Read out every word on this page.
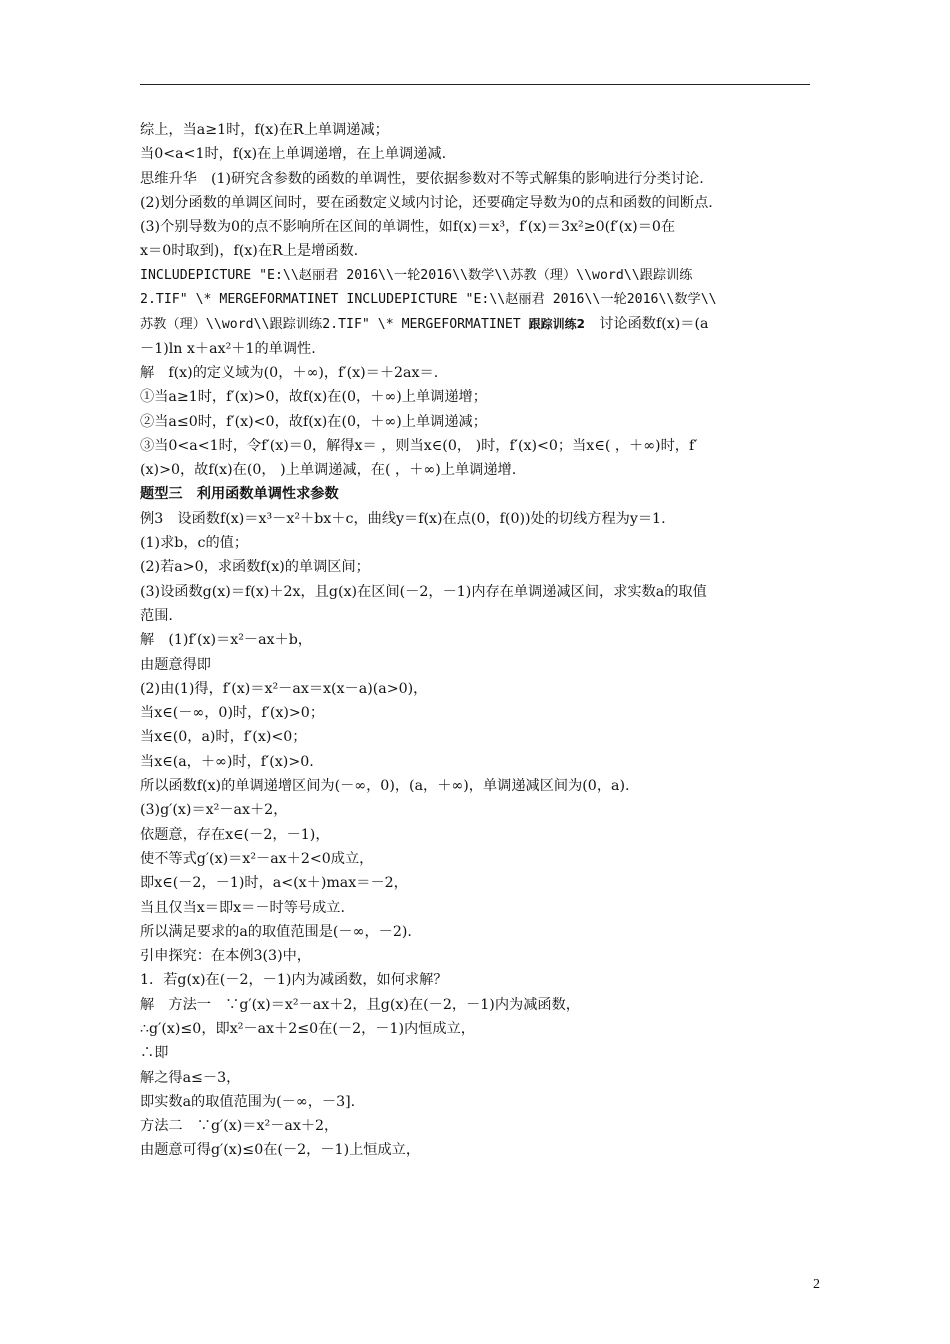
综上，当a≥1时，f(x)在R上单调递减；
当0<a<1时，f(x)在上单调递增，在上单调递减.
思维升华　(1)研究含参数的函数的单调性，要依据参数对不等式解集的影响进行分类讨论.
(2)划分函数的单调区间时，要在函数定义域内讨论，还要确定导数为0的点和函数的间断点.
(3)个别导数为0的点不影响所在区间的单调性，如f(x)＝x³，f′(x)＝3x²≥0(f′(x)＝0在
x＝0时取到)，f(x)在R上是增函数.
INCLUDEPICTURE "E:\\赵丽君 2016\\一轮2016\\数学\\苏教（理）\\word\\跟踪训练
2.TIF" \* MERGEFORMATINET INCLUDEPICTURE "E:\\赵丽君 2016\\一轮2016\\数学\\
苏教（理）\\word\\跟踪训练2.TIF" \* MERGEFORMATINET 跟踪训练2　讨论函数f(x)＝(a
－1)ln x＋ax²＋1的单调性.
解　f(x)的定义域为(0，＋∞)，f′(x)＝＋2ax＝.
①当a≥1时，f′(x)>0，故f(x)在(0，＋∞)上单调递增；
②当a≤0时，f′(x)<0，故f(x)在(0，＋∞)上单调递减；
③当0<a<1时，令f′(x)＝0，解得x＝ ，则当x∈(0， )时，f′(x)<0；当x∈( ，＋∞)时，f′
(x)>0，故f(x)在(0， )上单调递减，在( ，＋∞)上单调递增.
题型三　利用函数单调性求参数
例3　设函数f(x)＝x³－x²＋bx＋c，曲线y＝f(x)在点(0，f(0))处的切线方程为y＝1.
(1)求b，c的值；
(2)若a>0，求函数f(x)的单调区间；
(3)设函数g(x)＝f(x)＋2x，且g(x)在区间(－2，－1)内存在单调递减区间，求实数a的取值
范围.
解　(1)f′(x)＝x²－ax＋b，
由题意得即
(2)由(1)得，f′(x)＝x²－ax＝x(x－a)(a>0)，
当x∈(－∞，0)时，f′(x)>0；
当x∈(0，a)时，f′(x)<0；
当x∈(a，＋∞)时，f′(x)>0.
所以函数f(x)的单调递增区间为(－∞，0)，(a，＋∞)，单调递减区间为(0，a).
(3)g′(x)＝x²－ax＋2，
依题意，存在x∈(－2，－1)，
使不等式g′(x)＝x²－ax＋2<0成立，
即x∈(－2，－1)时，a<(x＋)max＝－2，
当且仅当x＝即x＝－时等号成立.
所以满足要求的a的取值范围是(－∞，－2).
引申探究：在本例3(3)中，
1．若g(x)在(－2，－1)内为减函数，如何求解？
解　方法一　∵g′(x)＝x²－ax＋2，且g(x)在(－2，－1)内为减函数，
∴g′(x)≤0，即x²－ax＋2≤0在(－2，－1)内恒成立，
∴即
解之得a≤－3，
即实数a的取值范围为(－∞，－3].
方法二　∵g′(x)＝x²－ax＋2，
由题意可得g′(x)≤0在(－2，－1)上恒成立，
2
